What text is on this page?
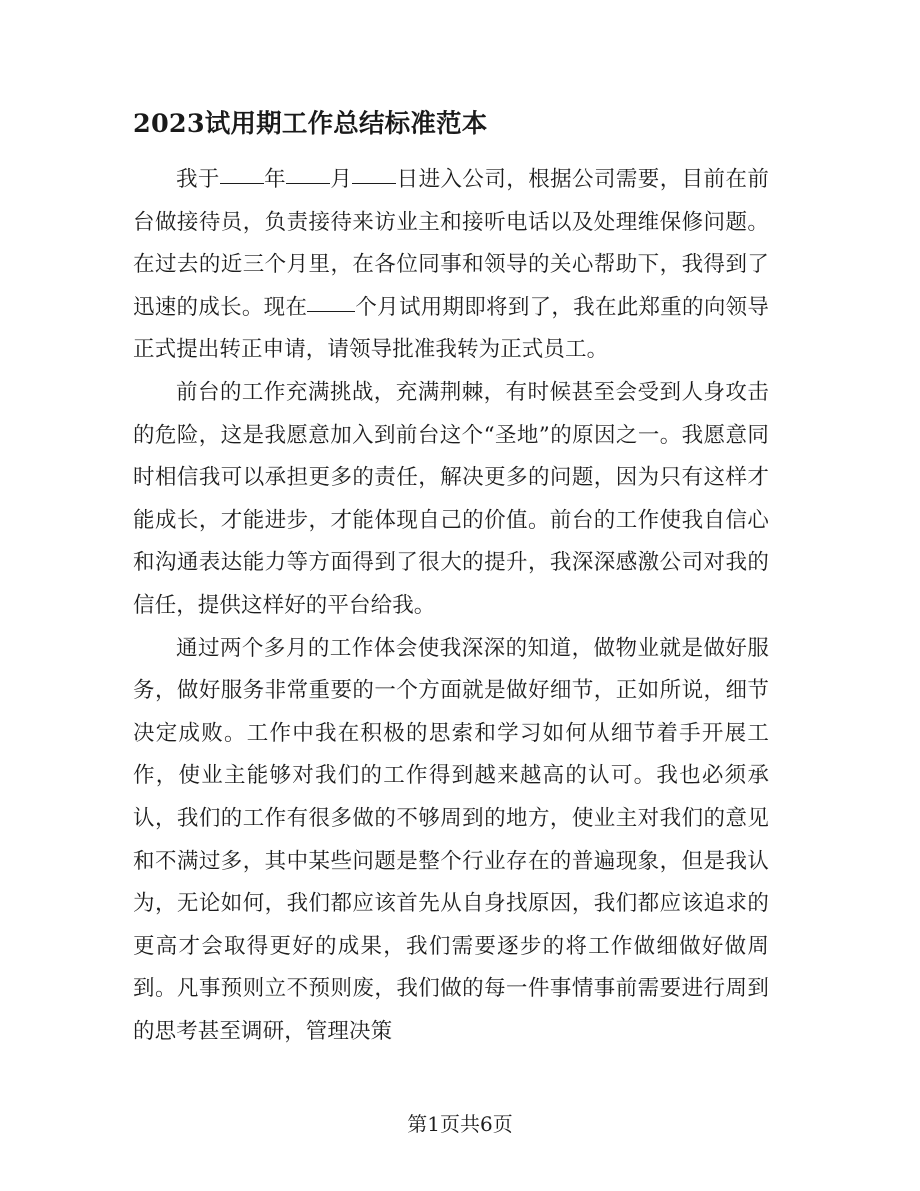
2023试用期工作总结标准范本

我于 年 月 日进入公司，根据公司需要，目前在前台做接待员，负责接待来访业主和接听电话以及处理维保修问题。在过去的近三个月里，在各位同事和领导的关心帮助下，我得到了迅速的成长。现在 个月试用期即将到了，我在此郑重的向领导正式提出转正申请，请领导批准我转为正式员工。

前台的工作充满挑战，充满荆棘，有时候甚至会受到人身攻击的危险，这是我愿意加入到前台这个“圣地”的原因之一。我愿意同时相信我可以承担更多的责任，解决更多的问题，因为只有这样才能成长，才能进步，才能体现自己的价值。前台的工作使我自信心和沟通表达能力等方面得到了很大的提升，我深深感激公司对我的信任，提供这样好的平台给我。

通过两个多月的工作体会使我深深的知道，做物业就是做好服务，做好服务非常重要的一个方面就是做好细节，正如所说，细节决定成败。工作中我在积极的思索和学习如何从细节着手开展工作，使业主能够对我们的工作得到越来越高的认可。我也必须承认，我们的工作有很多做的不够周到的地方，使业主对我们的意见和不满过多，其中某些问题是整个行业存在的普遍现象，但是我认为，无论如何，我们都应该首先从自身找原因，我们都应该追求的更高才会取得更好的成果，我们需要逐步的将工作做细做好做周到。凡事预则立不预则废，我们做的每一件事情事前需要进行周到的思考甚至调研，管理决策

第1页共6页
